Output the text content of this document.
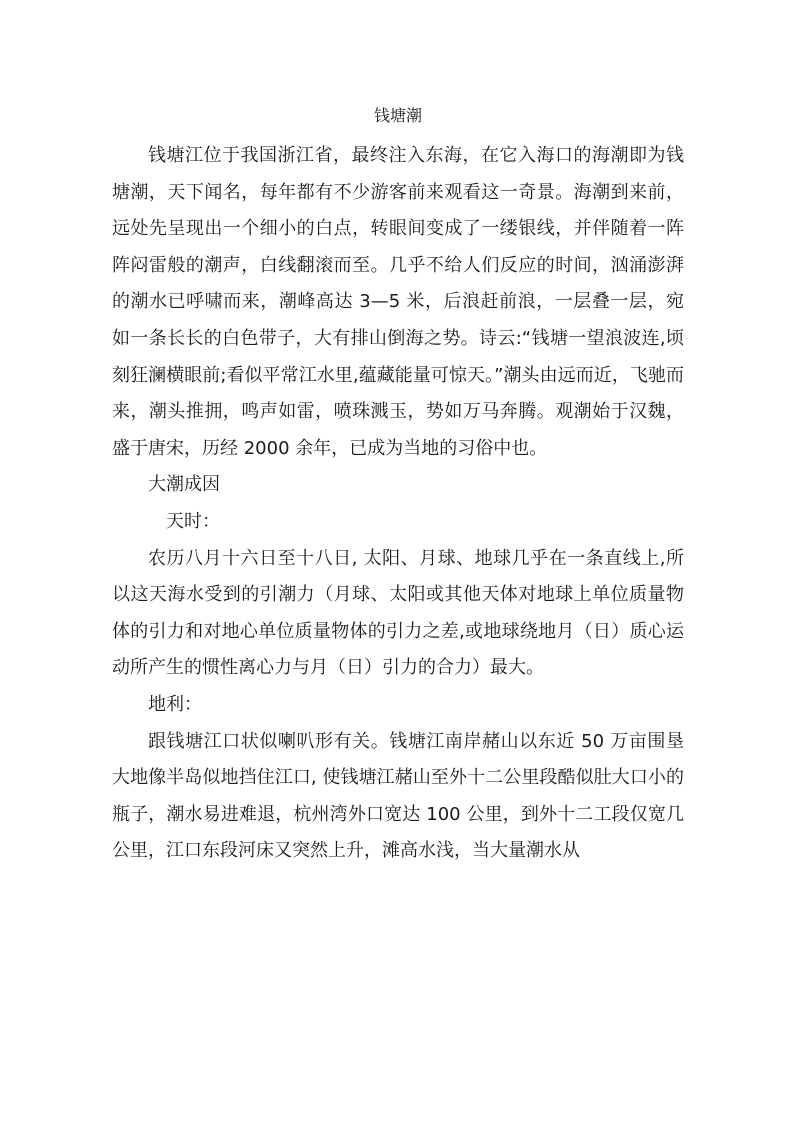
钱塘潮

钱塘江位于我国浙江省，最终注入东海，在它入海口的海潮即为钱塘潮，天下闻名，每年都有不少游客前来观看这一奇景。海潮到来前，远处先呈现出一个细小的白点，转眼间变成了一缕银线，并伴随着一阵阵闷雷般的潮声，白线翻滚而至。几乎不给人们反应的时间，汹涌澎湃的潮水已呼啸而来，潮峰高达 3—5 米，后浪赶前浪，一层叠一层，宛如一条长长的白色带子，大有排山倒海之势。诗云:“钱塘一望浪波连,顷刻狂澜横眼前;看似平常江水里,蕴藏能量可惊天。”潮头由远而近，飞驰而来，潮头推拥，鸣声如雷，喷珠溅玉，势如万马奔腾。观潮始于汉魏，盛于唐宋，历经 2000 余年，已成为当地的习俗中也。

大潮成因

天时：

农历八月十六日至十八日, 太阳、月球、地球几乎在一条直线上,所以这天海水受到的引潮力（月球、太阳或其他天体对地球上单位质量物体的引力和对地心单位质量物体的引力之差,或地球绕地月（日）质心运动所产生的惯性离心力与月（日）引力的合力）最大。

地利：

跟钱塘江口状似喇叭形有关。钱塘江南岸赭山以东近 50 万亩围垦大地像半岛似地挡住江口, 使钱塘江赭山至外十二公里段酷似肚大口小的瓶子，潮水易进难退，杭州湾外口宽达 100 公里，到外十二工段仅宽几公里，江口东段河床又突然上升，滩高水浅，当大量潮水从
